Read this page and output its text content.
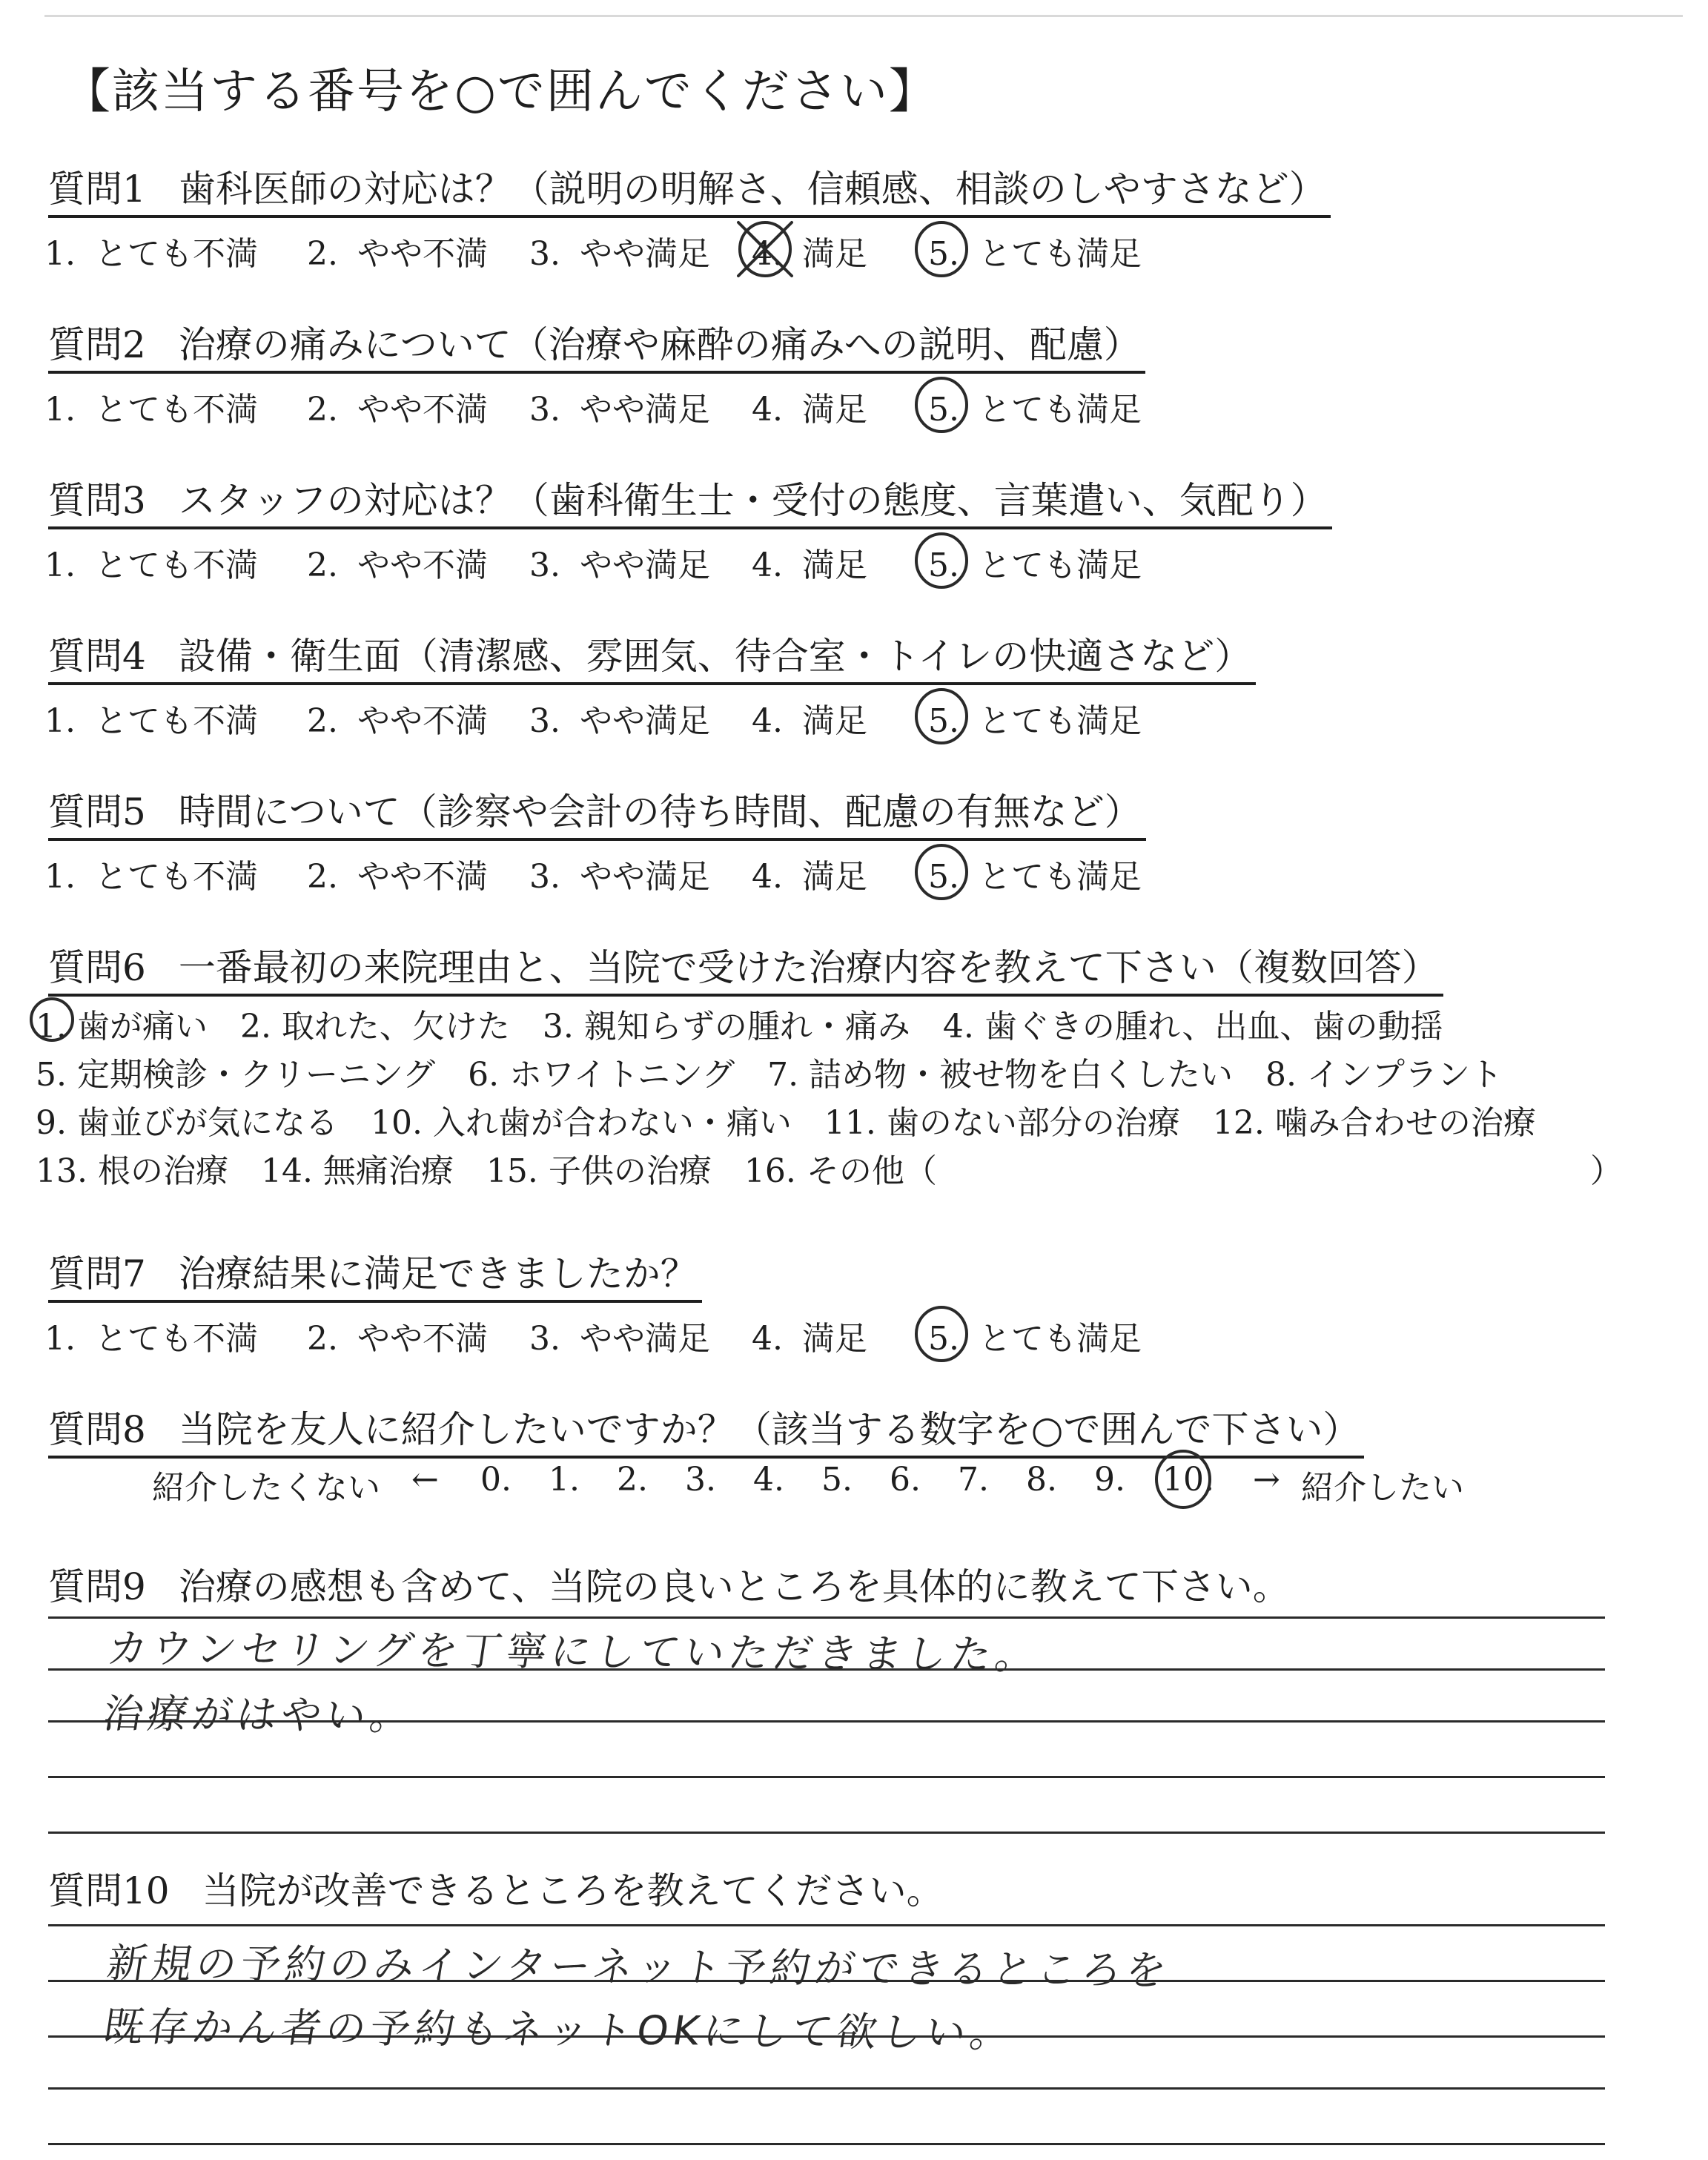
【該当する番号を○で囲んでください】
質問1 歯科医師の対応は？（説明の明解さ、信頼感、相談のしやすさなど）
1. とても不満 2. やや不満 3. やや満足 4. 満足 5. とても満足
質問2 治療の痛みについて（治療や麻酔の痛みへの説明、配慮）
1. とても不満 2. やや不満 3. やや満足 4. 満足 5. とても満足
質問3 スタッフの対応は？（歯科衛生士・受付の態度、言葉遣い、気配り）
1. とても不満 2. やや不満 3. やや満足 4. 満足 5. とても満足
質問4 設備・衛生面（清潔感、雰囲気、待合室・トイレの快適さなど）
1. とても不満 2. やや不満 3. やや満足 4. 満足 5. とても満足
質問5 時間について（診察や会計の待ち時間、配慮の有無など）
1. とても不満 2. やや不満 3. やや満足 4. 満足 5. とても満足
質問6 一番最初の来院理由と、当院で受けた治療内容を教えて下さい（複数回答）
1. 歯が痛い　2. 取れた、欠けた　3. 親知らずの腫れ・痛み　4. 歯ぐきの腫れ、出血、歯の動揺
5. 定期検診・クリーニング　6. ホワイトニング　7. 詰め物・被せ物を白くしたい　8. インプラント
9. 歯並びが気になる　10. 入れ歯が合わない・痛い　11. 歯のない部分の治療　12. 噛み合わせの治療
13. 根の治療　14. 無痛治療　15. 子供の治療　16. その他（	）
質問7 治療結果に満足できましたか？
1. とても不満 2. やや不満 3. やや満足 4. 満足 5. とても満足
質問8 当院を友人に紹介したいですか？（該当する数字を○で囲んで下さい）
紹介したくない ← 0. 1. 2. 3. 4. 5. 6. 7. 8. 9. 10. → 紹介したい
質問9 治療の感想も含めて、当院の良いところを具体的に教えて下さい。
カウンセリングを丁寧にしていただきました。
治療がはやい。
質問10 当院が改善できるところを教えてください。
新規の予約のみインターネット予約ができるところを
既存かん者の予約もネットOKにして欲しい。
